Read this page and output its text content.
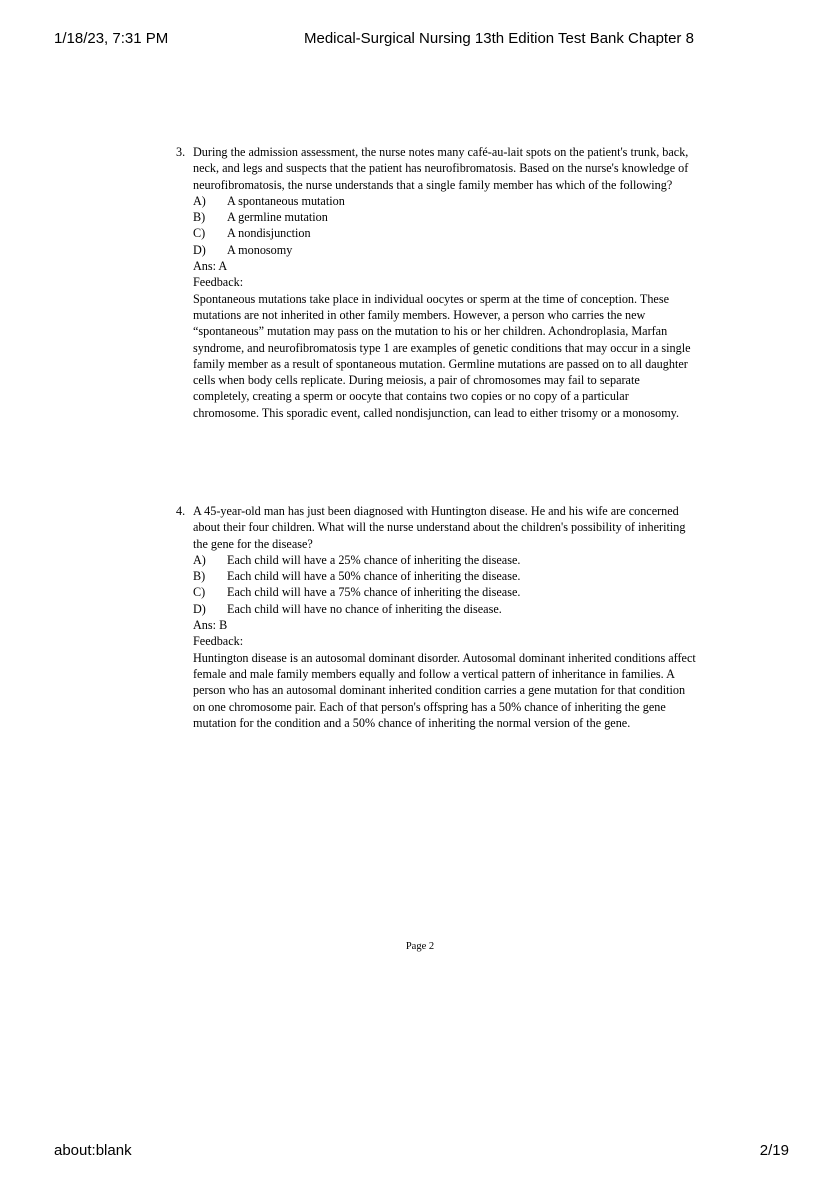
1/18/23, 7:31 PM	Medical-Surgical Nursing 13th Edition Test Bank Chapter 8
3. During the admission assessment, the nurse notes many café-au-lait spots on the patient's trunk, back, neck, and legs and suspects that the patient has neurofibromatosis. Based on the nurse's knowledge of neurofibromatosis, the nurse understands that a single family member has which of the following?

A) A spontaneous mutation
B) A germline mutation
C) A nondisjunction
D) A monosomy
Ans: A
Feedback:

Spontaneous mutations take place in individual oocytes or sperm at the time of conception. These mutations are not inherited in other family members. However, a person who carries the new “spontaneous” mutation may pass on the mutation to his or her children. Achondroplasia, Marfan syndrome, and neurofibromatosis type 1 are examples of genetic conditions that may occur in a single family member as a result of spontaneous mutation. Germline mutations are passed on to all daughter cells when body cells replicate. During meiosis, a pair of chromosomes may fail to separate completely, creating a sperm or oocyte that contains two copies or no copy of a particular chromosome. This sporadic event, called nondisjunction, can lead to either trisomy or a monosomy.

4. A 45-year-old man has just been diagnosed with Huntington disease. He and his wife are concerned about their four children. What will the nurse understand about the children's possibility of inheriting the gene for the disease?

A) Each child will have a 25% chance of inheriting the disease.
B) Each child will have a 50% chance of inheriting the disease.
C) Each child will have a 75% chance of inheriting the disease.
D) Each child will have no chance of inheriting the disease.
Ans: B
Feedback:

Huntington disease is an autosomal dominant disorder. Autosomal dominant inherited conditions affect female and male family members equally and follow a vertical pattern of inheritance in families. A person who has an autosomal dominant inherited condition carries a gene mutation for that condition on one chromosome pair. Each of that person's offspring has a 50% chance of inheriting the gene mutation for the condition and a 50% chance of inheriting the normal version of the gene.

Page 2
about:blank	2/19
